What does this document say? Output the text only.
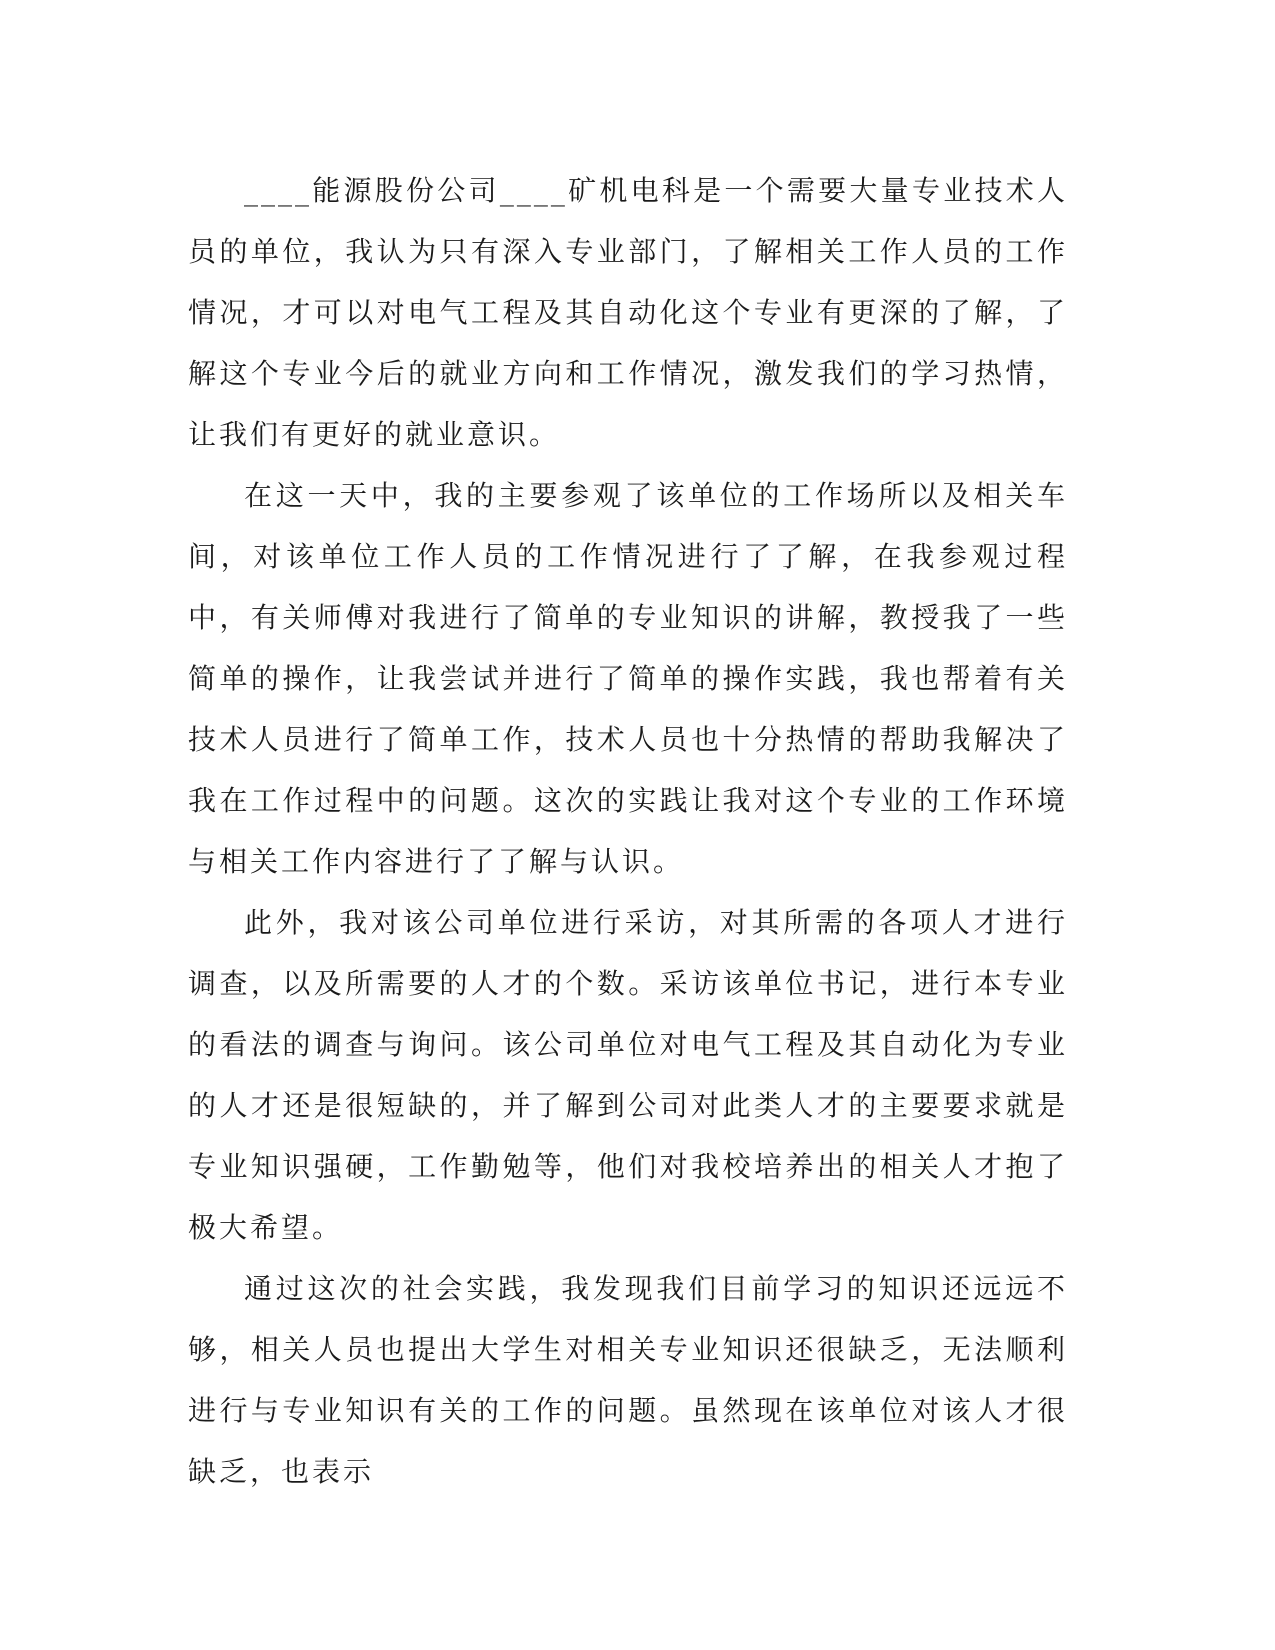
____能源股份公司____矿机电科是一个需要大量专业技术人员的单位，我认为只有深入专业部门，了解相关工作人员的工作情况，才可以对电气工程及其自动化这个专业有更深的了解，了解这个专业今后的就业方向和工作情况，激发我们的学习热情，让我们有更好的就业意识。

在这一天中，我的主要参观了该单位的工作场所以及相关车间，对该单位工作人员的工作情况进行了了解，在我参观过程中，有关师傅对我进行了简单的专业知识的讲解，教授我了一些简单的操作，让我尝试并进行了简单的操作实践，我也帮着有关技术人员进行了简单工作，技术人员也十分热情的帮助我解决了我在工作过程中的问题。这次的实践让我对这个专业的工作环境与相关工作内容进行了了解与认识。

此外，我对该公司单位进行采访，对其所需的各项人才进行调查，以及所需要的人才的个数。采访该单位书记，进行本专业的看法的调查与询问。该公司单位对电气工程及其自动化为专业的人才还是很短缺的，并了解到公司对此类人才的主要要求就是专业知识强硬，工作勤勉等，他们对我校培养出的相关人才抱了极大希望。

通过这次的社会实践，我发现我们目前学习的知识还远远不够，相关人员也提出大学生对相关专业知识还很缺乏，无法顺利进行与专业知识有关的工作的问题。虽然现在该单位对该人才很缺乏，也表示
